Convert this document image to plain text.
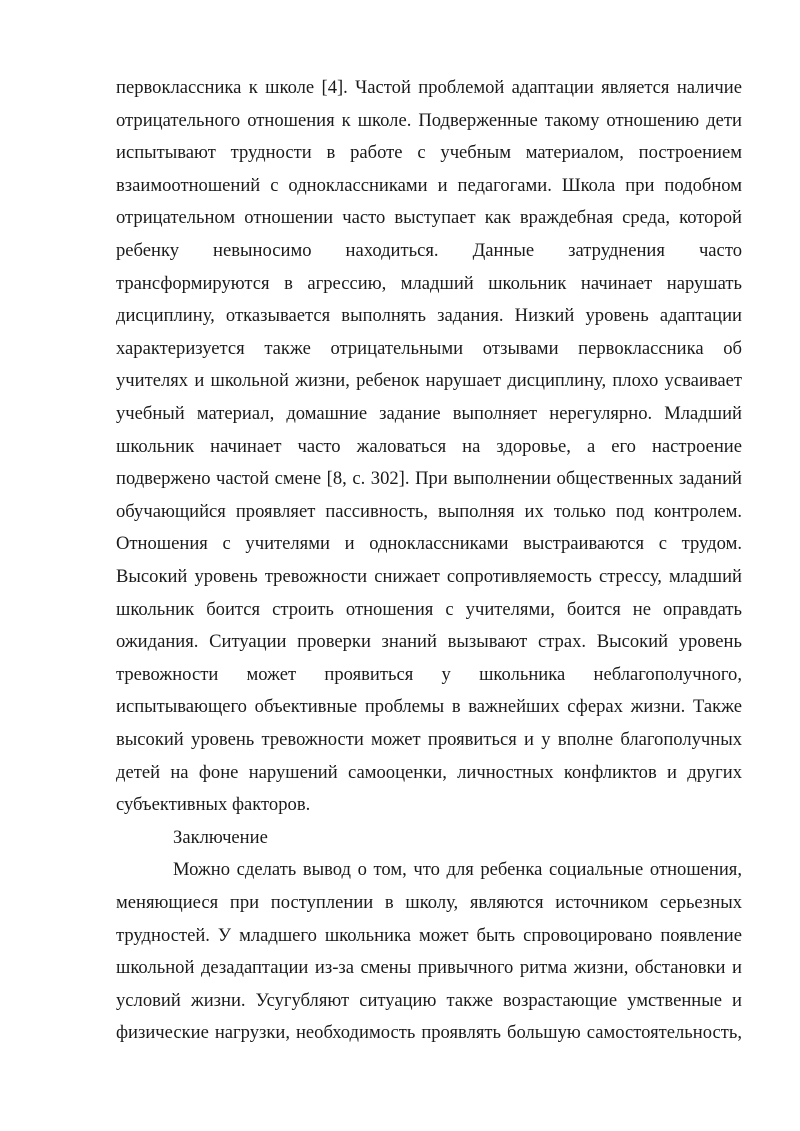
первоклассника к школе [4]. Частой проблемой адаптации является наличие

отрицательного отношения к школе. Подверженные такому отношению дети

испытывают трудности в работе с учебным материалом, построением

взаимоотношений с одноклассниками и педагогами. Школа при подобном

отрицательном отношении часто выступает как враждебная среда, которой

ребенку невыносимо находиться. Данные затруднения часто

трансформируются в агрессию, младший школьник начинает нарушать

дисциплину, отказывается выполнять задания. Низкий уровень адаптации

характеризуется также отрицательными отзывами первоклассника об

учителях и школьной жизни, ребенок нарушает дисциплину, плохо усваивает

учебный материал, домашние задание выполняет нерегулярно. Младший

школьник начинает часто жаловаться на здоровье, а его настроение

подвержено частой смене [8, с. 302]. При выполнении общественных заданий

обучающийся проявляет пассивность, выполняя их только под контролем.

Отношения с учителями и одноклассниками выстраиваются с трудом.

Высокий уровень тревожности снижает сопротивляемость стрессу, младший

школьник боится строить отношения с учителями, боится не оправдать

ожидания. Ситуации проверки знаний вызывают страх. Высокий уровень

тревожности может проявиться у школьника неблагополучного,

испытывающего объективные проблемы в важнейших сферах жизни. Также

высокий уровень тревожности может проявиться и у вполне благополучных

детей на фоне нарушений самооценки, личностных конфликтов и других

субъективных факторов.

Заключение

Можно сделать вывод о том, что для ребенка социальные отношения,

меняющиеся при поступлении в школу, являются источником серьезных

трудностей. У младшего школьника может быть спровоцировано появление

школьной дезадаптации из-за смены привычного ритма жизни, обстановки и

условий жизни. Усугубляют ситуацию также возрастающие умственные и

физические нагрузки, необходимость проявлять большую самостоятельность,
